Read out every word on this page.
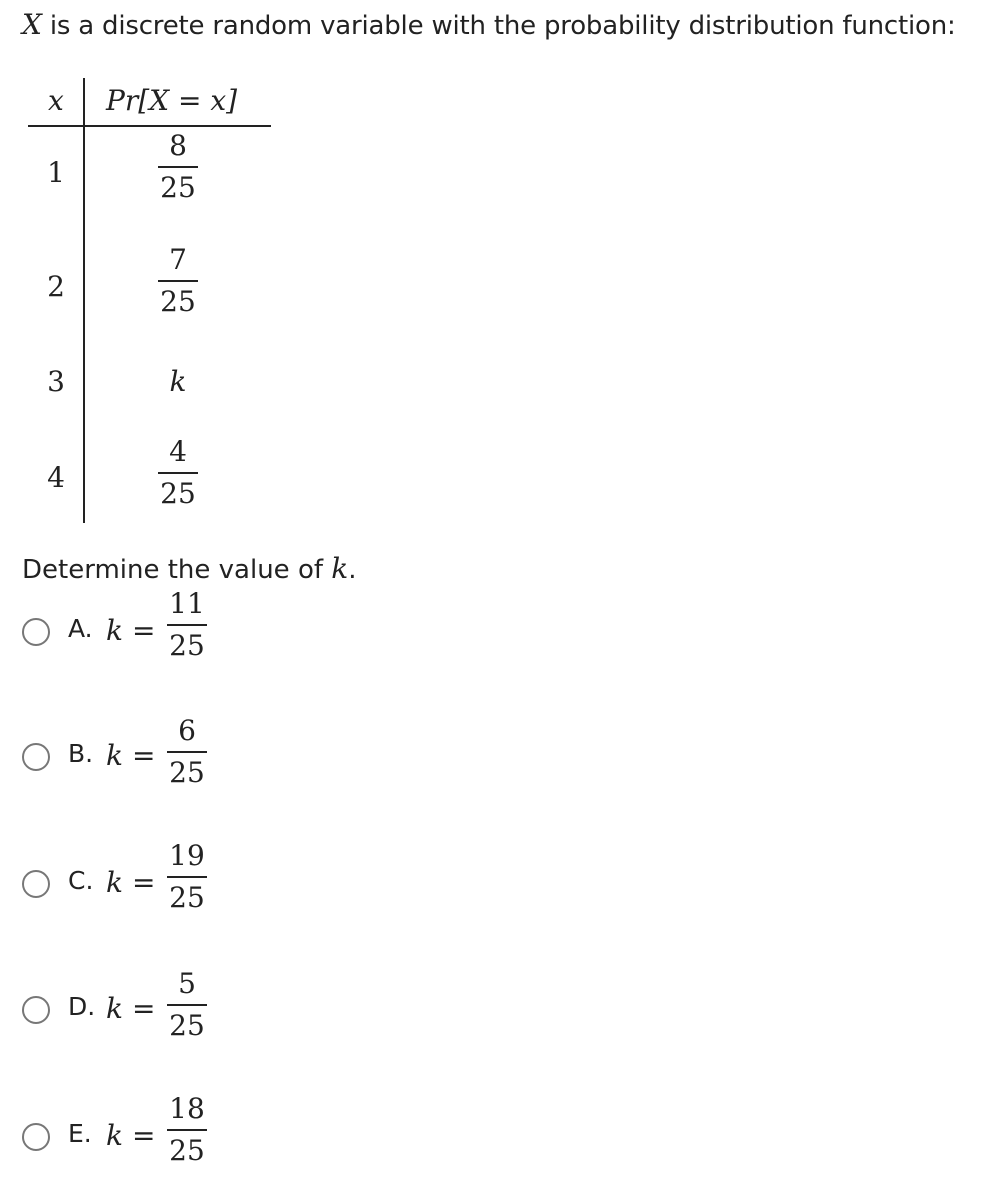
X is a discrete random variable with the probability distribution function:
x Pr[X = x]
1	$\frac{8}{25}$
2	$\frac{7}{25}$
3	k
4	$\frac{4}{25}$
Determine the value of k.
A. $k = \frac{11}{25}$
B. $k = \frac{6}{25}$
C. $k = \frac{19}{25}$
D. $k = \frac{5}{25}$
E. $k = \frac{18}{25}$
